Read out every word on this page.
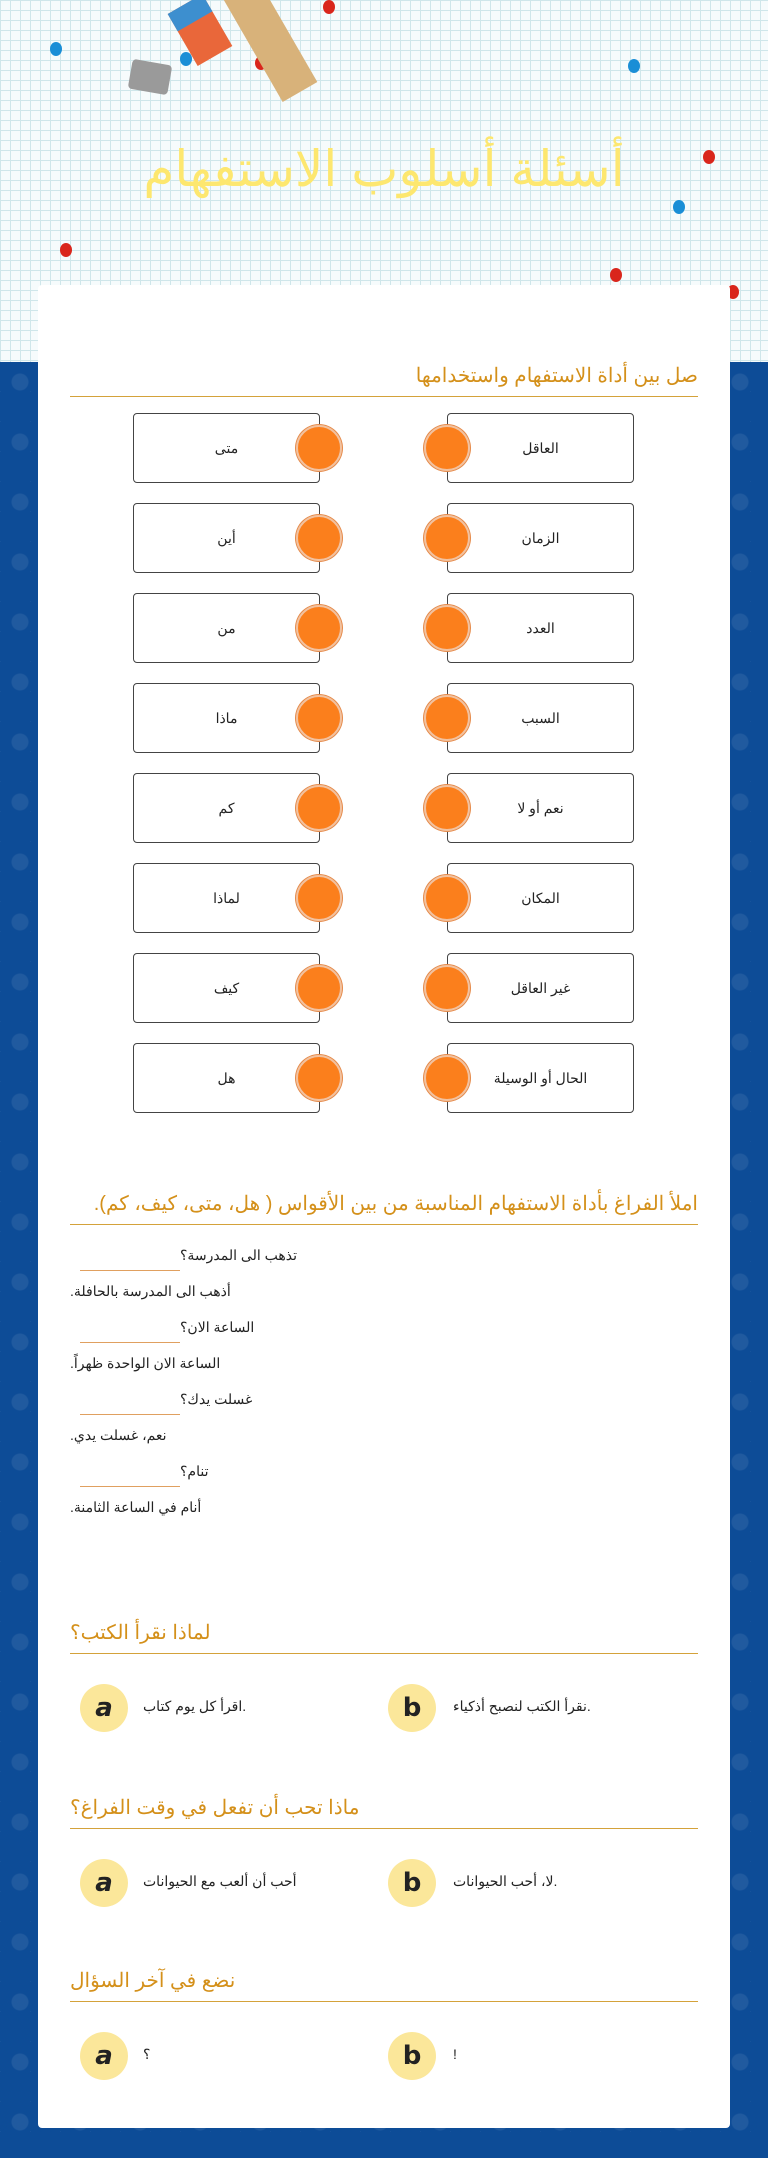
أسئلة أسلوب الاستفهام
صل بين أداة الاستفهام واستخدامها
متى	العاقل
أين	الزمان
من	العدد
ماذا	السبب
كم	نعم أو لا
لماذا	المكان
كيف	غير العاقل
هل	الحال أو الوسيلة
املأ الفراغ بأداة الاستفهام المناسبة من بين الأقواس ( هل، متى، كيف، كم).
تذهب الى المدرسة؟
أذهب الى المدرسة بالحافلة.
الساعة الان؟
الساعة الان الواحدة ظهراً.
غسلت يدك؟
نعم، غسلت يدي.
تنام؟
أنام في الساعة الثامنة.
لماذا نقرأ الكتب؟
a .اقرأ كل يوم كتاب	b .نقرأ الكتب لنصبح أذكياء
ماذا تحب أن تفعل في وقت الفراغ؟
a أحب أن ألعب مع الحيوانات	b .لا، أحب الحيوانات
نضع في آخر السؤال
a ؟	b !
